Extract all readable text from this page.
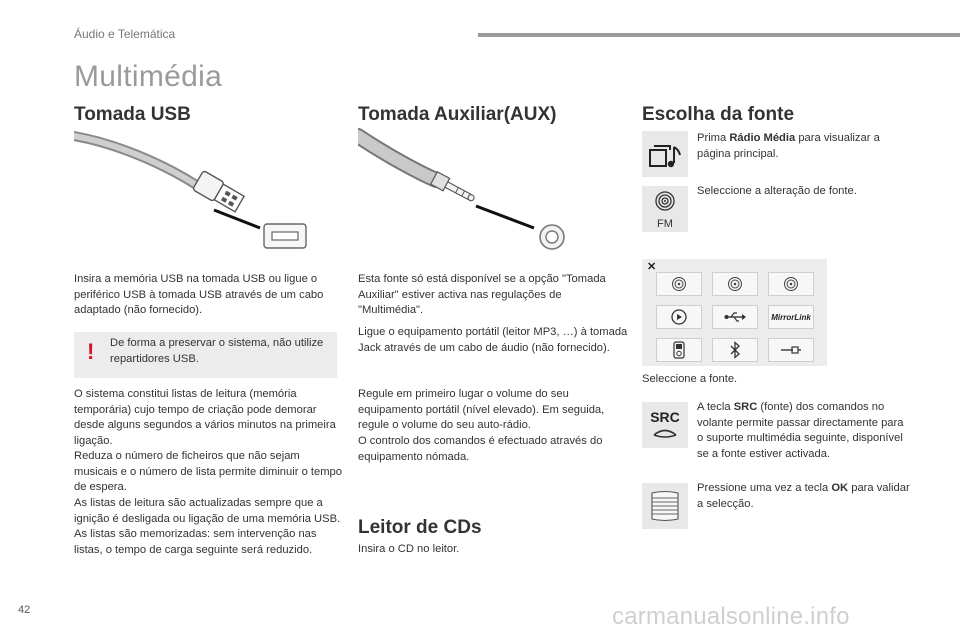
Áudio e Telemática
Multimédia
Tomada USB
Insira a memória USB na tomada USB ou ligue o periférico USB à tomada USB através de um cabo adaptado (não fornecido).
! De forma a preservar o sistema, não utilize repartidores USB.
O sistema constitui listas de leitura (memória temporária) cujo tempo de criação pode demorar desde alguns segundos a vários minutos na primeira ligação.
Reduza o número de ficheiros que não sejam musicais e o número de lista permite diminuir o tempo de espera.
As listas de leitura são actualizadas sempre que a ignição é desligada ou ligação de uma memória USB. As listas são memorizadas: sem intervenção nas listas, o tempo de carga seguinte será reduzido.
Tomada Auxiliar(AUX)
Esta fonte só está disponível se a opção "Tomada Auxiliar" estiver activa nas regulações de "Multimédia".
Ligue o equipamento portátil (leitor MP3, …) à tomada Jack através de um cabo de áudio (não fornecido).
Regule em primeiro lugar o volume do seu equipamento portátil (nível elevado). Em seguida, regule o volume do seu auto-rádio.
O controlo dos comandos é efectuado através do equipamento nómada.
Leitor de CDs
Insira o CD no leitor.
Escolha da fonte
Prima Rádio Média para visualizar a página principal.
FM
Seleccione a alteração de fonte.
✕
MirrorLink
Seleccione a fonte.
SRC
A tecla SRC (fonte) dos comandos no volante permite passar directamente para o suporte multimédia seguinte, disponível se a fonte estiver activada.
Pressione uma vez a tecla OK para validar a selecção.
42	carmanualsonline.info
